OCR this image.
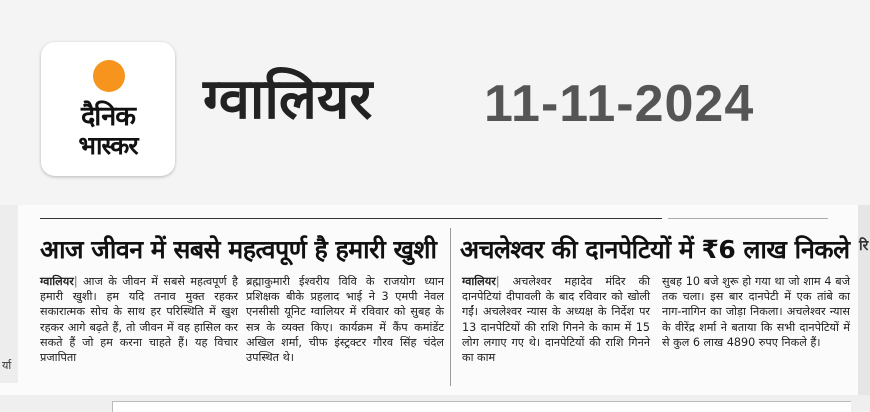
दैनिक
भास्कर
ग्वालियर 11-11-2024
र्या
रि
आज जीवन में सबसे महत्वपूर्ण है हमारी खुशी अचलेश्वर की दानपेटियों में ₹6 लाख निकले
ग्वालियर| आज के जीवन में सबसे महत्वपूर्ण है हमारी खुशी। हम यदि तनाव मुक्त रहकर सकारात्मक सोच के साथ हर परिस्थिति में खुश रहकर आगे बढ़ते हैं, तो जीवन में वह हासिल कर सकते हैं जो हम करना चाहते हैं। यह विचार प्रजापिता
ब्रह्माकुमारी ईश्वरीय विवि के राजयोग ध्यान प्रशिक्षक बीके प्रहलाद भाई ने 3 एमपी नेवल एनसीसी यूनिट ग्वालियर में रविवार को सुबह के सत्र के व्यक्त किए। कार्यक्रम में कैंप कमांडेंट अखिल शर्मा, चीफ इंस्ट्रक्टर गौरव सिंह चंदेल उपस्थित थे।
ग्वालियर| अचलेश्वर महादेव मंदिर की दानपेटियां दीपावली के बाद रविवार को खोली गईं। अचलेश्वर न्यास के अध्यक्ष के निर्देश पर 13 दानपेटियों की राशि गिनने के काम में 15 लोग लगाए गए थे। दानपेटियों की राशि गिनने का काम
सुबह 10 बजे शुरू हो गया था जो शाम 4 बजे तक चला। इस बार दानपेटी में एक तांबे का नाग-नागिन का जोड़ा निकला। अचलेश्वर न्यास के वीरेंद्र शर्मा ने बताया कि सभी दानपेटियों में से कुल 6 लाख 4890 रुपए निकले हैं।
